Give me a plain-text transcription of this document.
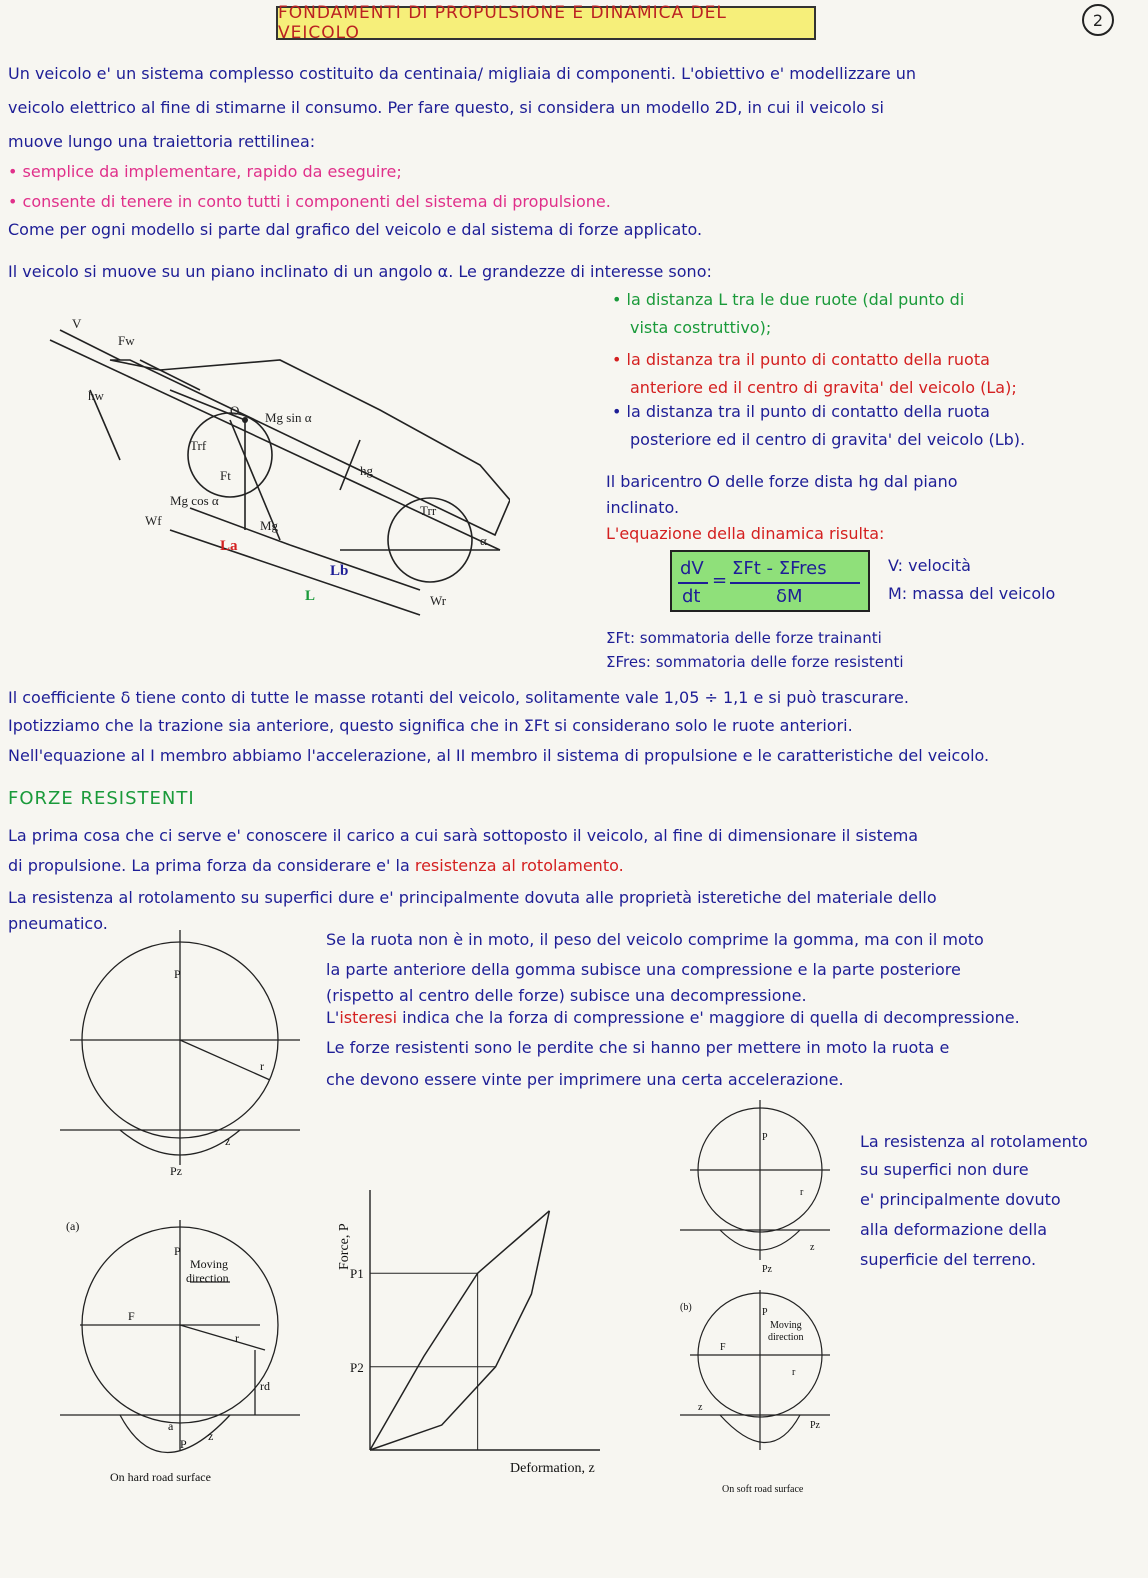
FONDAMENTI DI PROPULSIONE E DINAMICA DEL VEICOLO
2
Un veicolo e' un sistema complesso costituito da centinaia/ migliaia di componenti. L'obiettivo e' modellizzare un
veicolo elettrico al fine di stimarne il consumo. Per fare questo, si considera un modello 2D, in cui il veicolo si
muove lungo una traiettoria rettilinea:
• semplice da implementare, rapido da eseguire;
• consente di tenere in conto tutti i componenti del sistema di propulsione.
Come per ogni modello si parte dal grafico del veicolo e dal sistema di forze applicato.
Il veicolo si muove su un piano inclinato di un angolo α. Le grandezze di interesse sono:
• la distanza L tra le due ruote (dal punto di
vista costruttivo);
• la distanza tra il punto di contatto della ruota
anteriore ed il centro di gravita' del veicolo (La);
• la distanza tra il punto di contatto della ruota
posteriore ed il centro di gravita' del veicolo (Lb).
Il baricentro O delle forze dista hg dal piano
inclinato.
L'equazione della dinamica risulta:
dV
dt
=
ΣFt - ΣFres
δM
V: velocità
M: massa del veicolo
ΣFt: sommatoria delle forze trainanti
ΣFres: sommatoria delle forze resistenti
V
Fw
hw
O Mg sin α
Trf
Trr
hg
Ft
Mg cos α
Mg
Wf
Wr
α
La
Lb
L
Il coefficiente δ tiene conto di tutte le masse rotanti del veicolo, solitamente vale 1,05 ÷ 1,1 e si può trascurare.
Ipotizziamo che la trazione sia anteriore, questo significa che in ΣFt si considerano solo le ruote anteriori.
Nell'equazione al I membro abbiamo l'accelerazione, al II membro il sistema di propulsione e le caratteristiche del veicolo.
FORZE RESISTENTI
La prima cosa che ci serve e' conoscere il carico a cui sarà sottoposto il veicolo, al fine di dimensionare il sistema
di propulsione. La prima forza da considerare e' la resistenza al rotolamento.
La resistenza al rotolamento su superfici dure e' principalmente dovuta alle proprietà isteretiche del materiale dello
pneumatico.
Se la ruota non è in moto, il peso del veicolo comprime la gomma, ma con il moto
la parte anteriore della gomma subisce una compressione e la parte posteriore
(rispetto al centro delle forze) subisce una decompressione.
L'isteresi indica che la forza di compressione e' maggiore di quella di decompressione.
Le forze resistenti sono le perdite che si hanno per mettere in moto la ruota e
che devono essere vinte per imprimere una certa accelerazione.
La resistenza al rotolamento
su superfici non dure
e' principalmente dovuto
alla deformazione della
superficie del terreno.
P
r
z
Pz
(a)
P
Moving
direction
F
r
rd
z
a
P
On hard road surface
P1
P2
Deformation, z
Force, P
P
r
z
Pz
(b)	P
Moving
direction
F
r
z
Pz
On soft road surface
